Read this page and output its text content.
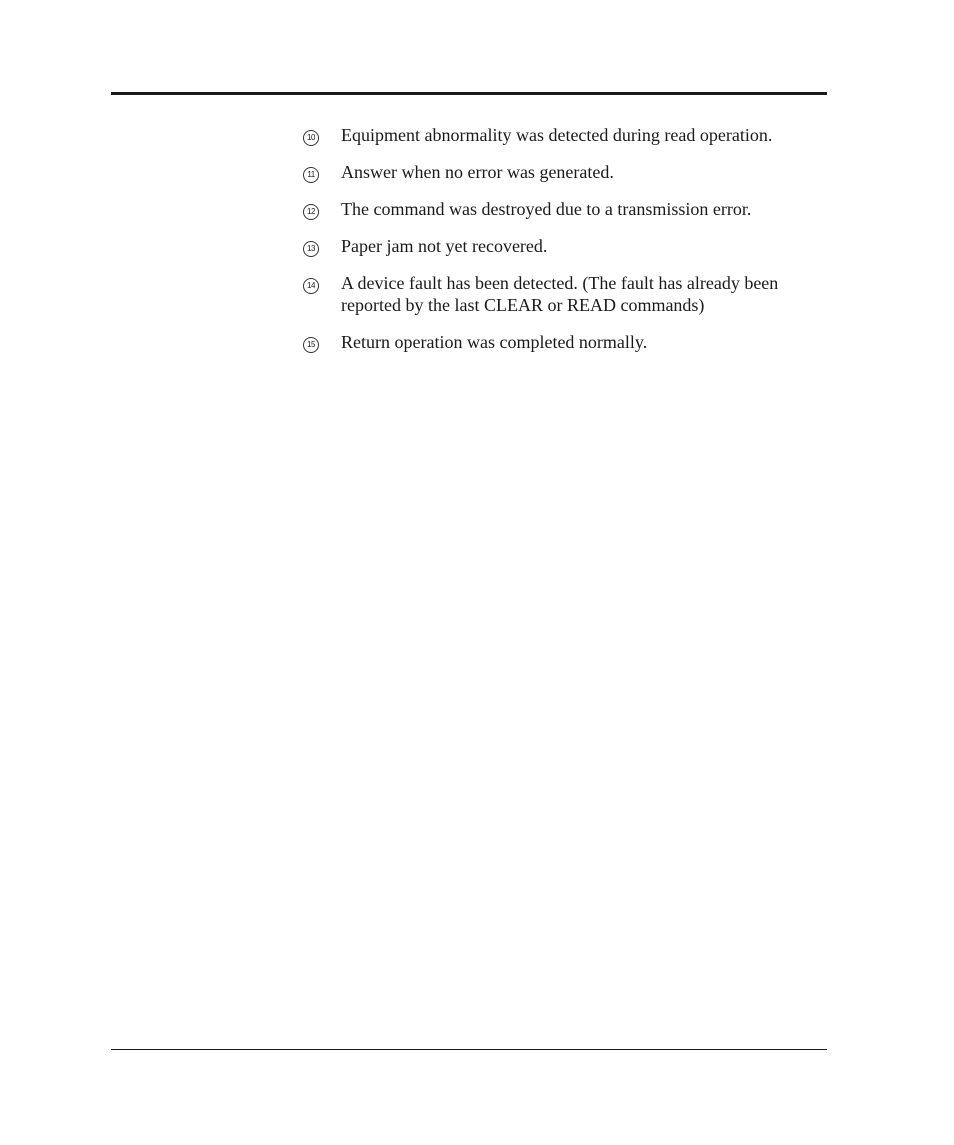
10 Equipment abnormality was detected during read operation.
11 Answer when no error was generated.
12 The command was destroyed due to a transmission error.
13 Paper jam not yet recovered.
14 A device fault has been detected. (The fault has already been reported by the last CLEAR or READ commands)
15 Return operation was completed normally.
